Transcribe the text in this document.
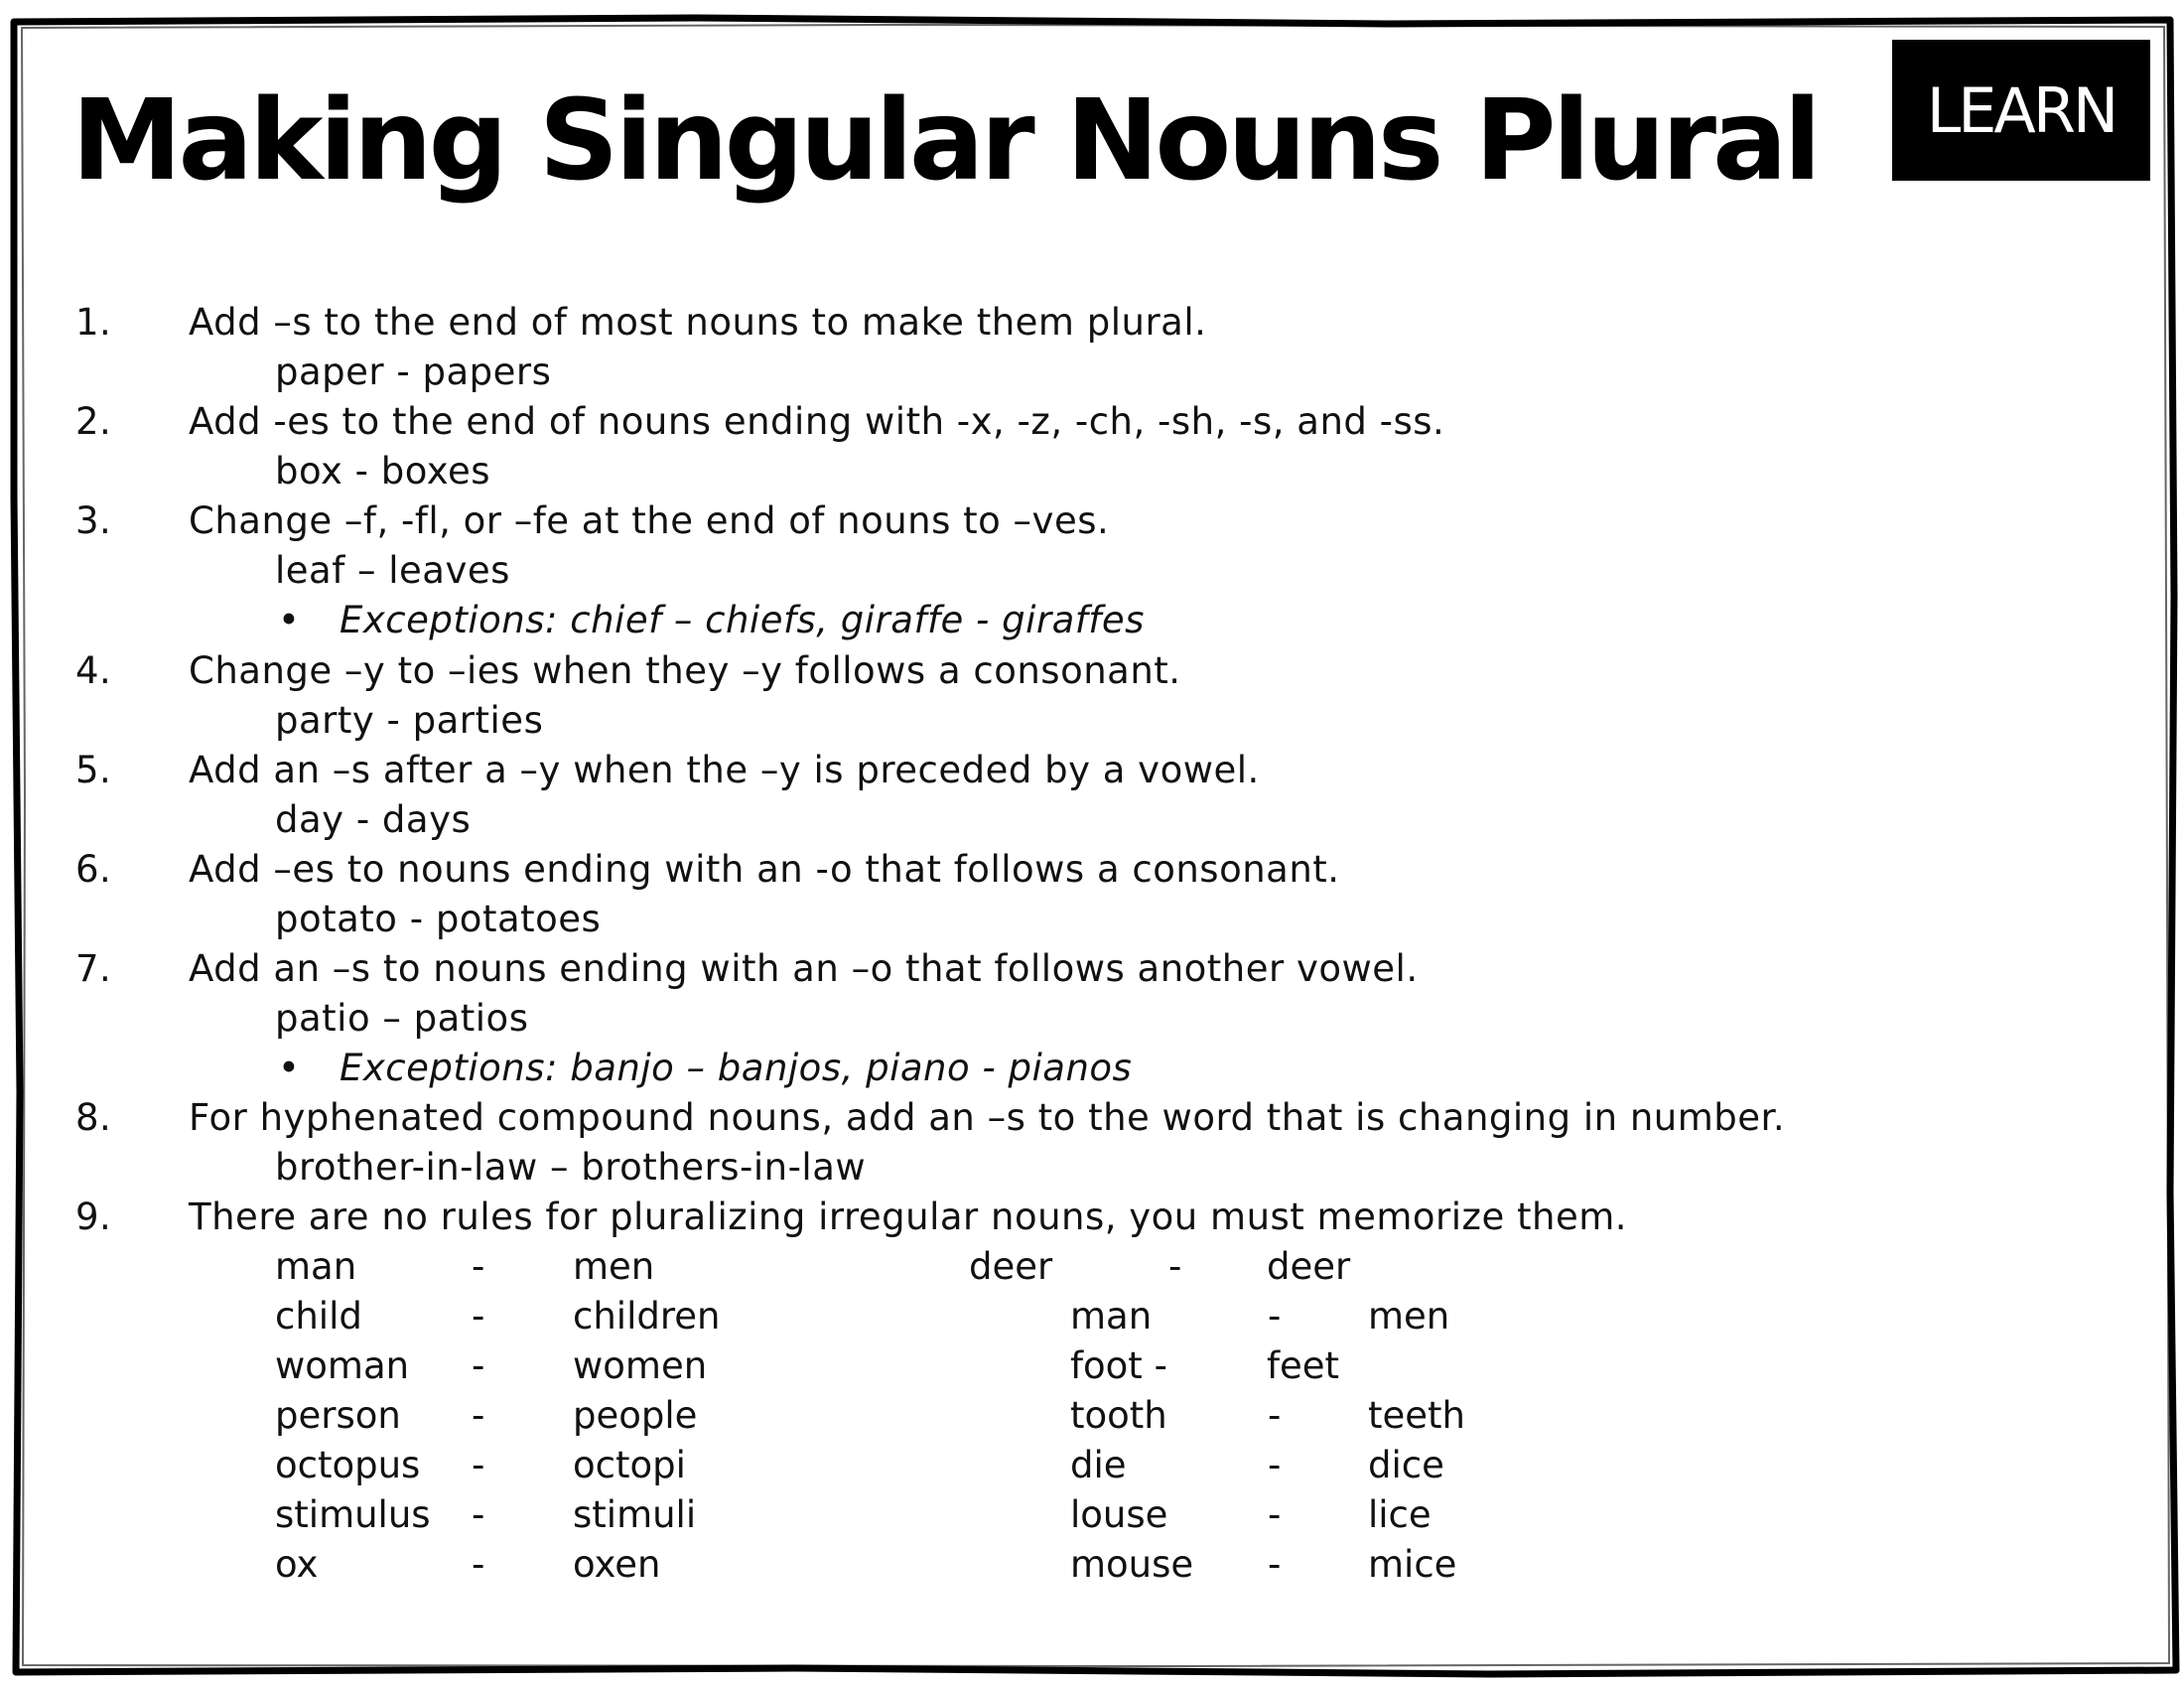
Making Singular Nouns Plural LEARN
1. Add –s to the end of most nouns to make them plural.
paper - papers
2. Add -es to the end of nouns ending with -x, -z, -ch, -sh, -s, and -ss.
box - boxes
3. Change –f, -fl, or –fe at the end of nouns to –ves.
leaf – leaves
• Exceptions: chief – chiefs, giraffe - giraffes
4. Change –y to –ies when they –y follows a consonant.
party - parties
5. Add an –s after a –y when the –y is preceded by a vowel.
day - days
6. Add –es to nouns ending with an -o that follows a consonant.
potato - potatoes
7. Add an –s to nouns ending with an –o that follows another vowel.
patio – patios
• Exceptions: banjo – banjos, piano - pianos
8. For hyphenated compound nouns, add an –s to the word that is changing in number.
brother-in-law – brothers-in-law
9. There are no rules for pluralizing irregular nouns, you must memorize them.
man	- men
child	- children
woman - women
person - people
octopus - octopi
stimulus - stimuli
ox	- oxen
deer	- deer
man	- men
foot -	feet
tooth	- teeth
die	- dice
louse	- lice
mouse - mice
